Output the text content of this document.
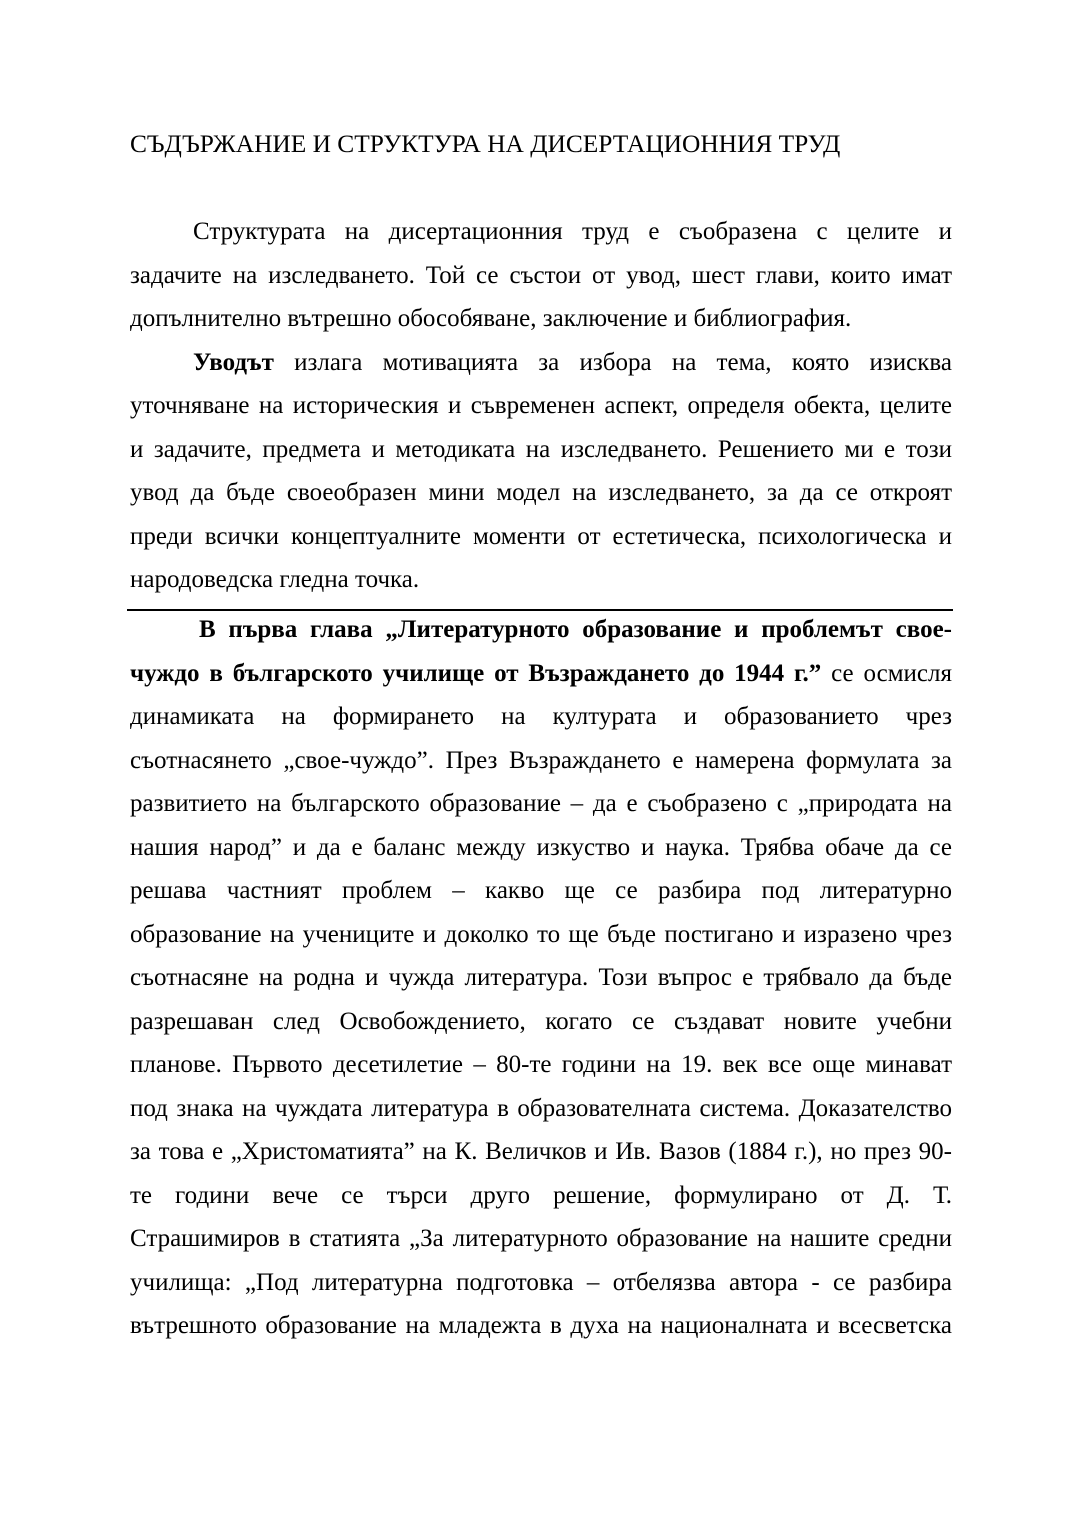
СЪДЪРЖАНИЕ И СТРУКТУРА НА ДИСЕРТАЦИОННИЯ ТРУД
Структурата на дисертационния труд е съобразена с целите и
задачите на изследването. Той се състои от увод, шест глави, които имат
допълнително вътрешно обособяване, заключение и библиография.
Уводът излага мотивацията за избора на тема, която изисква
уточняване на историческия и съвременен аспект, определя обекта, целите
и задачите, предмета и методиката на изследването. Решението ми е този
увод да бъде своеобразен мини модел на изследването, за да се откроят
преди всички концептуалните моменти от естетическа, психологическа и
народоведска гледна точка.
В първа глава „Литературното образование и проблемът свое-
чуждо в българското училище от Възраждането до 1944 г.” се осмисля
динамиката на формирането на културата и образованието чрез
съотнасянето „свое-чуждо”. През Възраждането е намерена формулата за
развитието на българското образование – да е съобразено с „природата на
нашия народ” и да е баланс между изкуство и наука. Трябва обаче да се
решава частният проблем – какво ще се разбира под литературно
образование на учениците и доколко то ще бъде постигано и изразено чрез
съотнасяне на родна и чужда литература. Този въпрос е трябвало да бъде
разрешаван след Освобождението, когато се създават новите учебни
планове. Първото десетилетие – 80-те години на 19. век все още минават
под знака на чуждата литература в образователната система. Доказателство
за това е „Христоматията” на К. Величков и Ив. Вазов (1884 г.), но през 90-
те години вече се търси друго решение, формулирано от Д. Т.
Страшимиров в статията „За литературното образование на нашите средни
училища: „Под литературна подготовка – отбелязва автора - се разбира
вътрешното образование на младежта в духа на националната и всесветска
